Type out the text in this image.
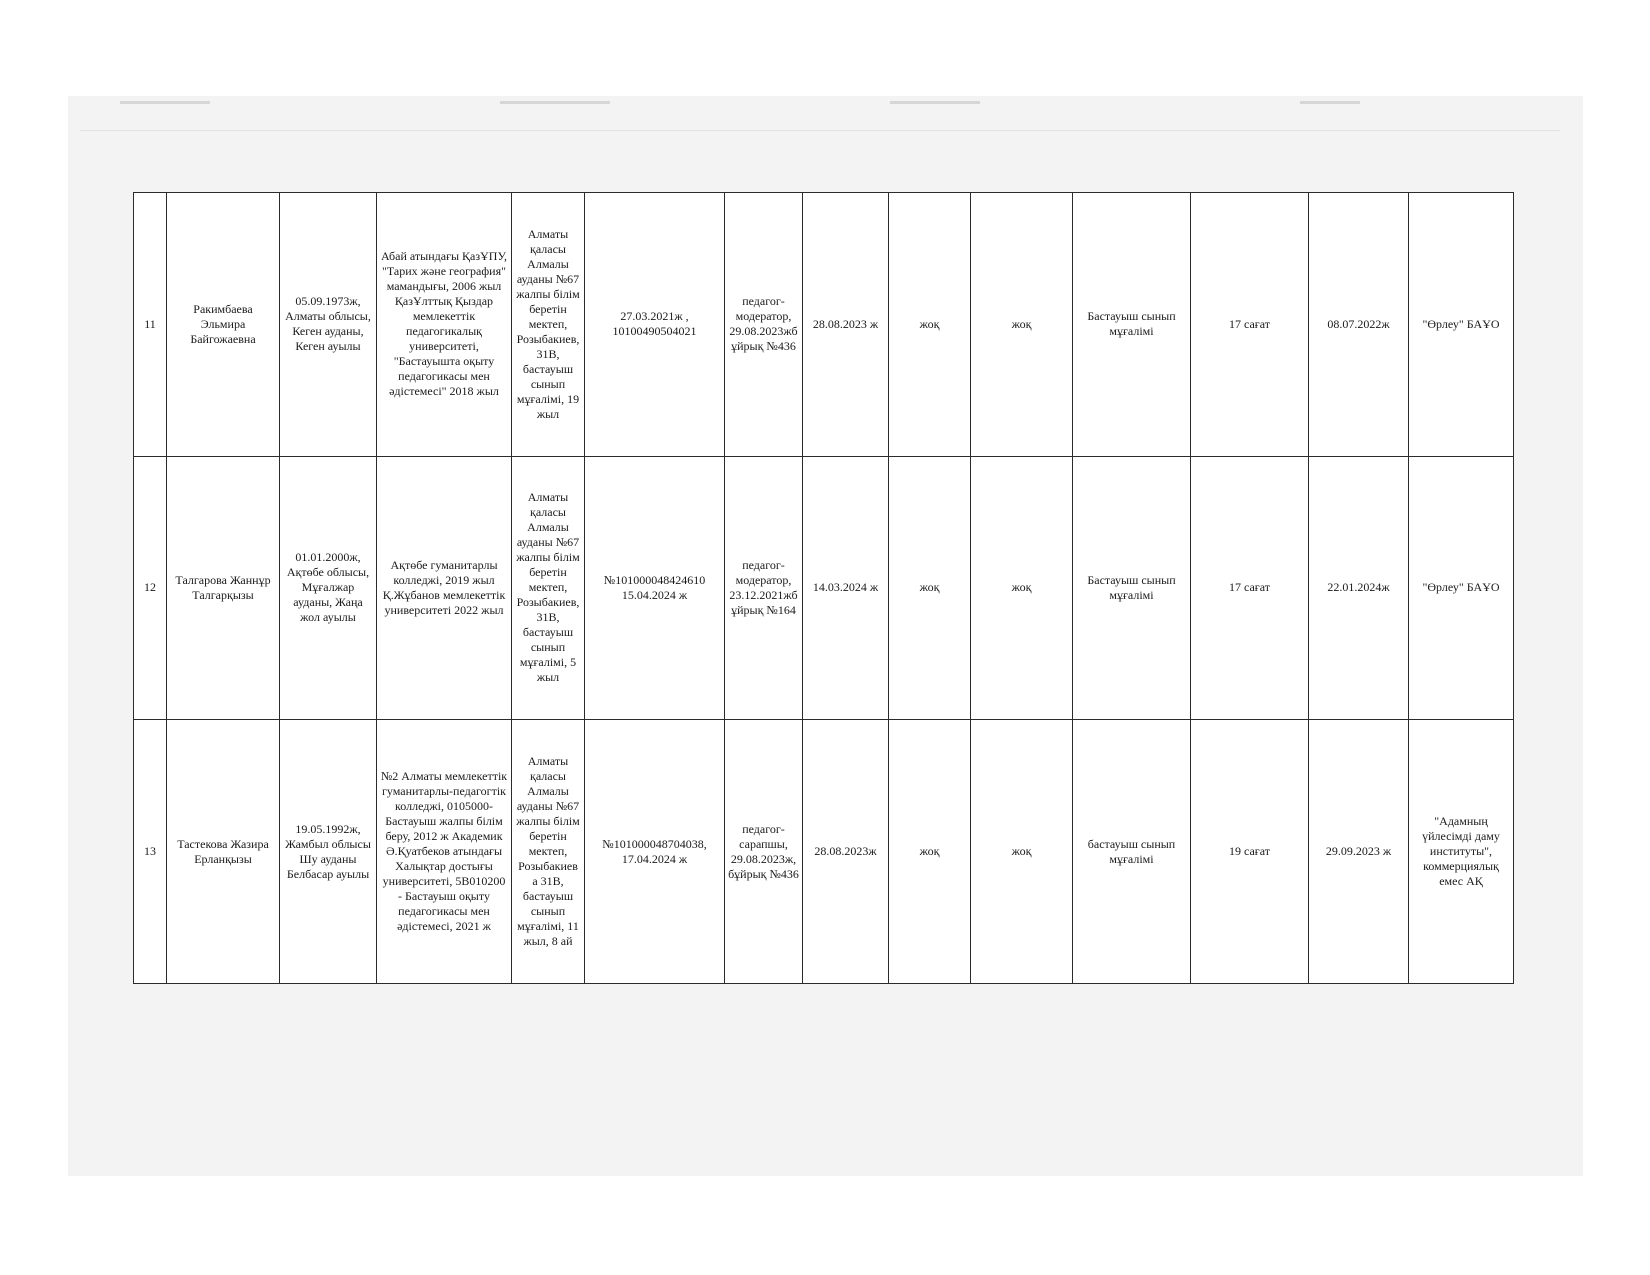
11	Ракимбаева Эльмира Байгожаевна	05.09.1973ж, Алматы облысы, Кеген ауданы, Кеген ауылы	Абай атындағы ҚазҰПУ, "Тарих және география" мамандығы, 2006 жыл ҚазҰлттық Қыздар мемлекеттік педагогикалық университеті, "Бастауышта оқыту педагогикасы мен әдістемесі" 2018 жыл	Алматы қаласы Алмалы ауданы №67 жалпы білім беретін мектеп, Розыбакиев, 31В, бастауыш сынып мұғалімі, 19 жыл	27.03.2021ж , 10100490504021	педагог-модератор, 29.08.2023жб ұйрық №436	28.08.2023 ж	жоқ	жоқ	Бастауыш сынып мұғалімі	17 сағат	08.07.2022ж	"Өрлеу" БАҰО
12	Талгарова Жаннұр Талгарқызы	01.01.2000ж, Ақтөбе облысы, Мұғалжар ауданы, Жаңа жол ауылы	Ақтөбе гуманитарлы колледжі, 2019 жыл Қ.Жұбанов мемлекеттік университеті 2022 жыл	Алматы қаласы Алмалы ауданы №67 жалпы білім беретін мектеп, Розыбакиев, 31В, бастауыш сынып мұғалімі, 5 жыл	№101000048424610 15.04.2024 ж	педагог-модератор, 23.12.2021жб ұйрық №164	14.03.2024 ж	жоқ	жоқ	Бастауыш сынып мұғалімі	17 сағат	22.01.2024ж	"Өрлеу" БАҰО
13	Тастекова Жазира Ерланқызы	19.05.1992ж, Жамбыл облысы Шу ауданы Белбасар ауылы	№2 Алматы мемлекеттік гуманитарлы-педагогтік колледжі, 0105000-Бастауыш жалпы білім беру, 2012 ж Академик Ә.Қуатбеков атындағы Халықтар достығы университеті, 5В010200 - Бастауыш оқыту педагогикасы мен әдістемесі, 2021 ж	Алматы қаласы Алмалы ауданы №67 жалпы білім беретін мектеп, Розыбакиев а 31В, бастауыш сынып мұғалімі, 11 жыл, 8 ай	№101000048704038, 17.04.2024 ж	педагог-сарапшы, 29.08.2023ж, бұйрық №436	28.08.2023ж	жоқ	жоқ	бастауыш сынып мұғалімі	19 сағат	29.09.2023 ж	"Адамның үйлесімді даму институты", коммерциялық емес АҚ
